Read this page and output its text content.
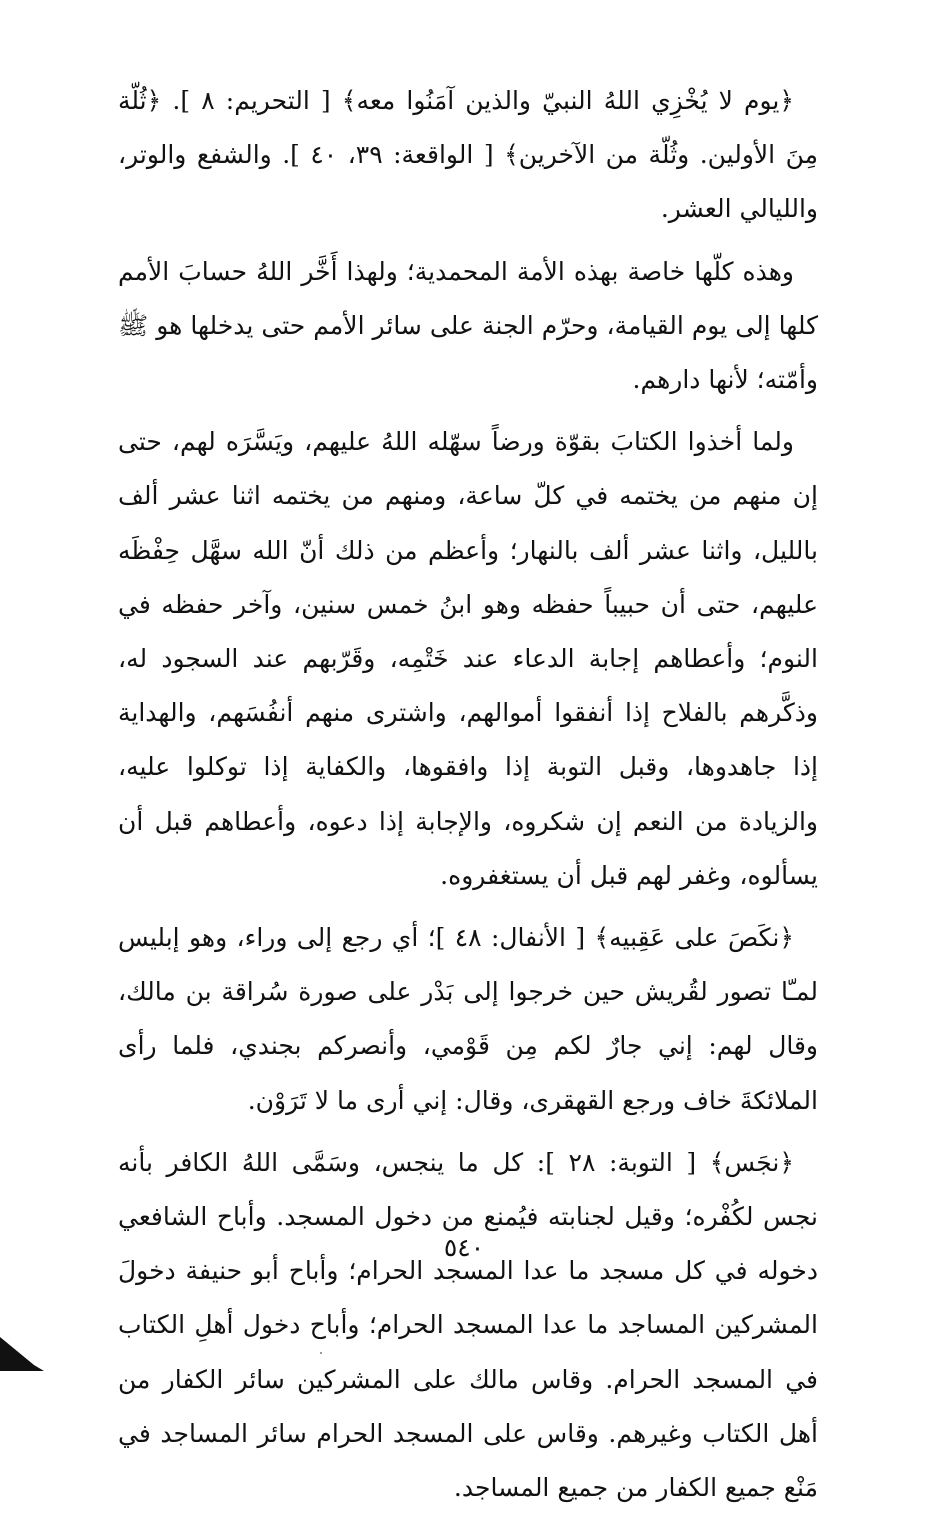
﴿يوم لا يُخْزِي اللهُ النبيّ والذين آمَنُوا معه﴾ [ التحريم: ٨ ]. ﴿ثُلّة مِنَ الأولين. وثُلّة من الآخرين﴾ [ الواقعة: ٣٩، ٤٠ ]. والشفع والوتر، والليالي العشر.

وهذه كلّها خاصة بهذه الأمة المحمدية؛ ولهذا أَخَّر اللهُ حسابَ الأمم كلها إلى يوم القيامة، وحرّم الجنة على سائر الأمم حتى يدخلها هو ﷺ وأمّته؛ لأنها دارهم.

ولما أخذوا الكتابَ بقوّة ورضاً سهّله اللهُ عليهم، ويَسَّرَه لهم، حتى إن منهم من يختمه في كلّ ساعة، ومنهم من يختمه اثنا عشر ألف بالليل، واثنا عشر ألف بالنهار؛ وأعظم من ذلك أنّ الله سهَّل حِفْظَه عليهم، حتى أن حبيباً حفظه وهو ابنُ خمس سنين، وآخر حفظه في النوم؛ وأعطاهم إجابة الدعاء عند خَتْمِه، وقَرّبهم عند السجود له، وذكَّرهم بالفلاح إذا أنفقوا أموالهم، واشترى منهم أنفُسَهم، والهداية إذا جاهدوها، وقبل التوبة إذا وافقوها، والكفاية إذا توكلوا عليه، والزيادة من النعم إن شكروه، والإجابة إذا دعوه، وأعطاهم قبل أن يسألوه، وغفر لهم قبل أن يستغفروه.

﴿نكَصَ على عَقِبيه﴾ [ الأنفال: ٤٨ ]؛ أي رجع إلى وراء، وهو إبليس لمـّا تصور لقُريش حين خرجوا إلى بَدْر على صورة سُراقة بن مالك، وقال لهم: إني جارٌ لكم مِن قَوْمي، وأنصركم بجندي، فلما رأى الملائكةَ خاف ورجع القهقرى، وقال: إني أرى ما لا تَرَوْن.

﴿نجَس﴾ [ التوبة: ٢٨ ]: كل ما ينجس، وسَمَّى اللهُ الكافر بأنه نجس لكُفْره؛ وقيل لجنابته فيُمنع من دخول المسجد. وأباح الشافعي دخوله في كل مسجد ما عدا المسجد الحرام؛ وأباح أبو حنيفة دخولَ المشركين المساجد ما عدا المسجد الحرام؛ وأباح دخول أهلِ الكتاب في المسجد الحرام. وقاس مالك على المشركين سائر الكفار من أهل الكتاب وغيرهم. وقاس على المسجد الحرام سائر المساجد في مَنْع جميع الكفار من جميع المساجد.

٥٤٠
